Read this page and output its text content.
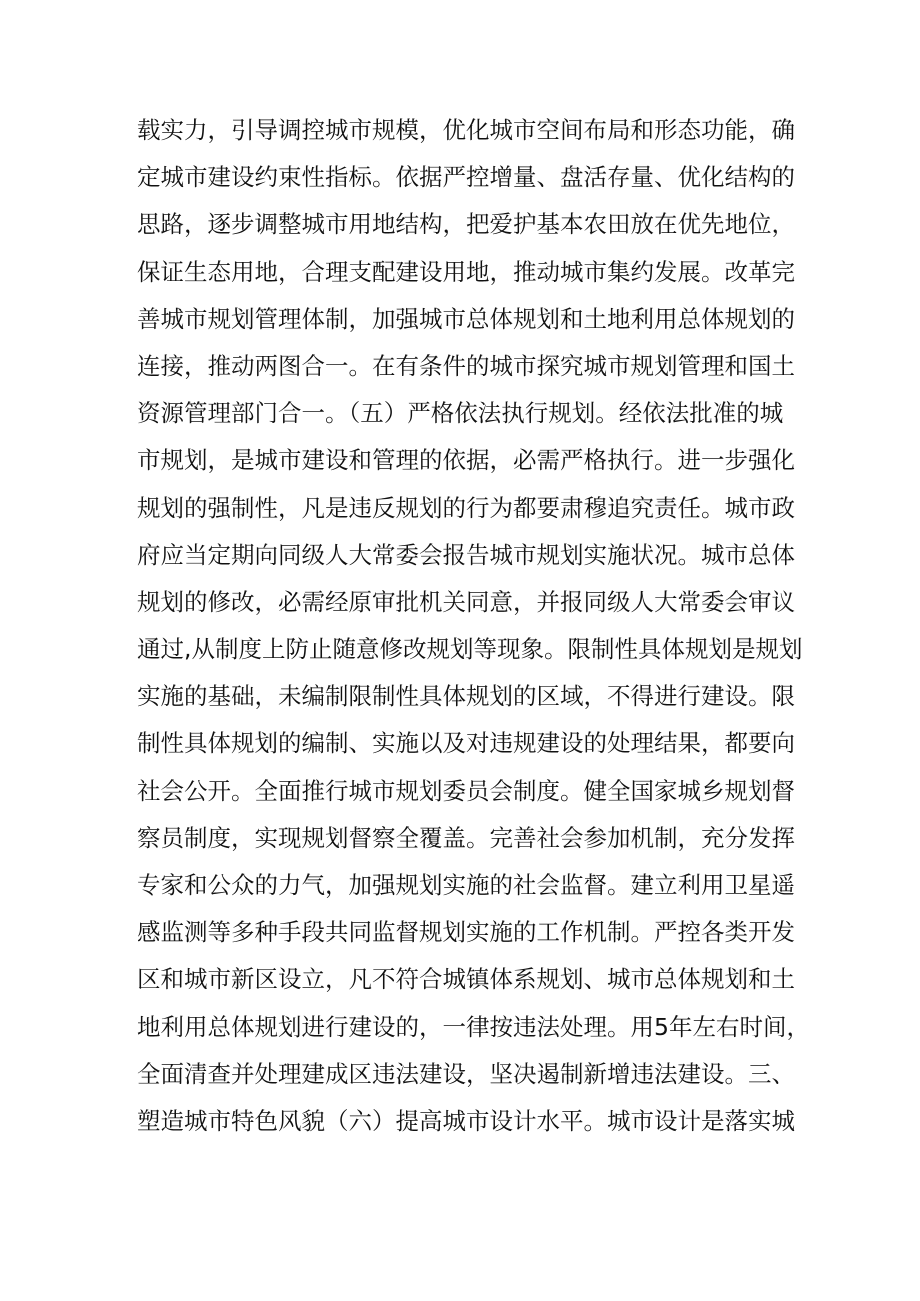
载实力，引导调控城市规模，优化城市空间布局和形态功能，确
定城市建设约束性指标。依据严控增量、盘活存量、优化结构的
思路，逐步调整城市用地结构，把爱护基本农田放在优先地位，
保证生态用地，合理支配建设用地，推动城市集约发展。改革完
善城市规划管理体制，加强城市总体规划和土地利用总体规划的
连接，推动两图合一。在有条件的城市探究城市规划管理和国土
资源管理部门合一。（五）严格依法执行规划。经依法批准的城
市规划，是城市建设和管理的依据，必需严格执行。进一步强化
规划的强制性，凡是违反规划的行为都要肃穆追究责任。城市政
府应当定期向同级人大常委会报告城市规划实施状况。城市总体
规划的修改，必需经原审批机关同意，并报同级人大常委会审议
通过,从制度上防止随意修改规划等现象。限制性具体规划是规划
实施的基础，未编制限制性具体规划的区域，不得进行建设。限
制性具体规划的编制、实施以及对违规建设的处理结果，都要向
社会公开。全面推行城市规划委员会制度。健全国家城乡规划督
察员制度，实现规划督察全覆盖。完善社会参加机制，充分发挥
专家和公众的力气，加强规划实施的社会监督。建立利用卫星遥
感监测等多种手段共同监督规划实施的工作机制。严控各类开发
区和城市新区设立，凡不符合城镇体系规划、城市总体规划和土
地利用总体规划进行建设的，一律按违法处理。用5年左右时间，
全面清查并处理建成区违法建设，坚决遏制新增违法建设。三、
塑造城市特色风貌（六）提高城市设计水平。城市设计是落实城
